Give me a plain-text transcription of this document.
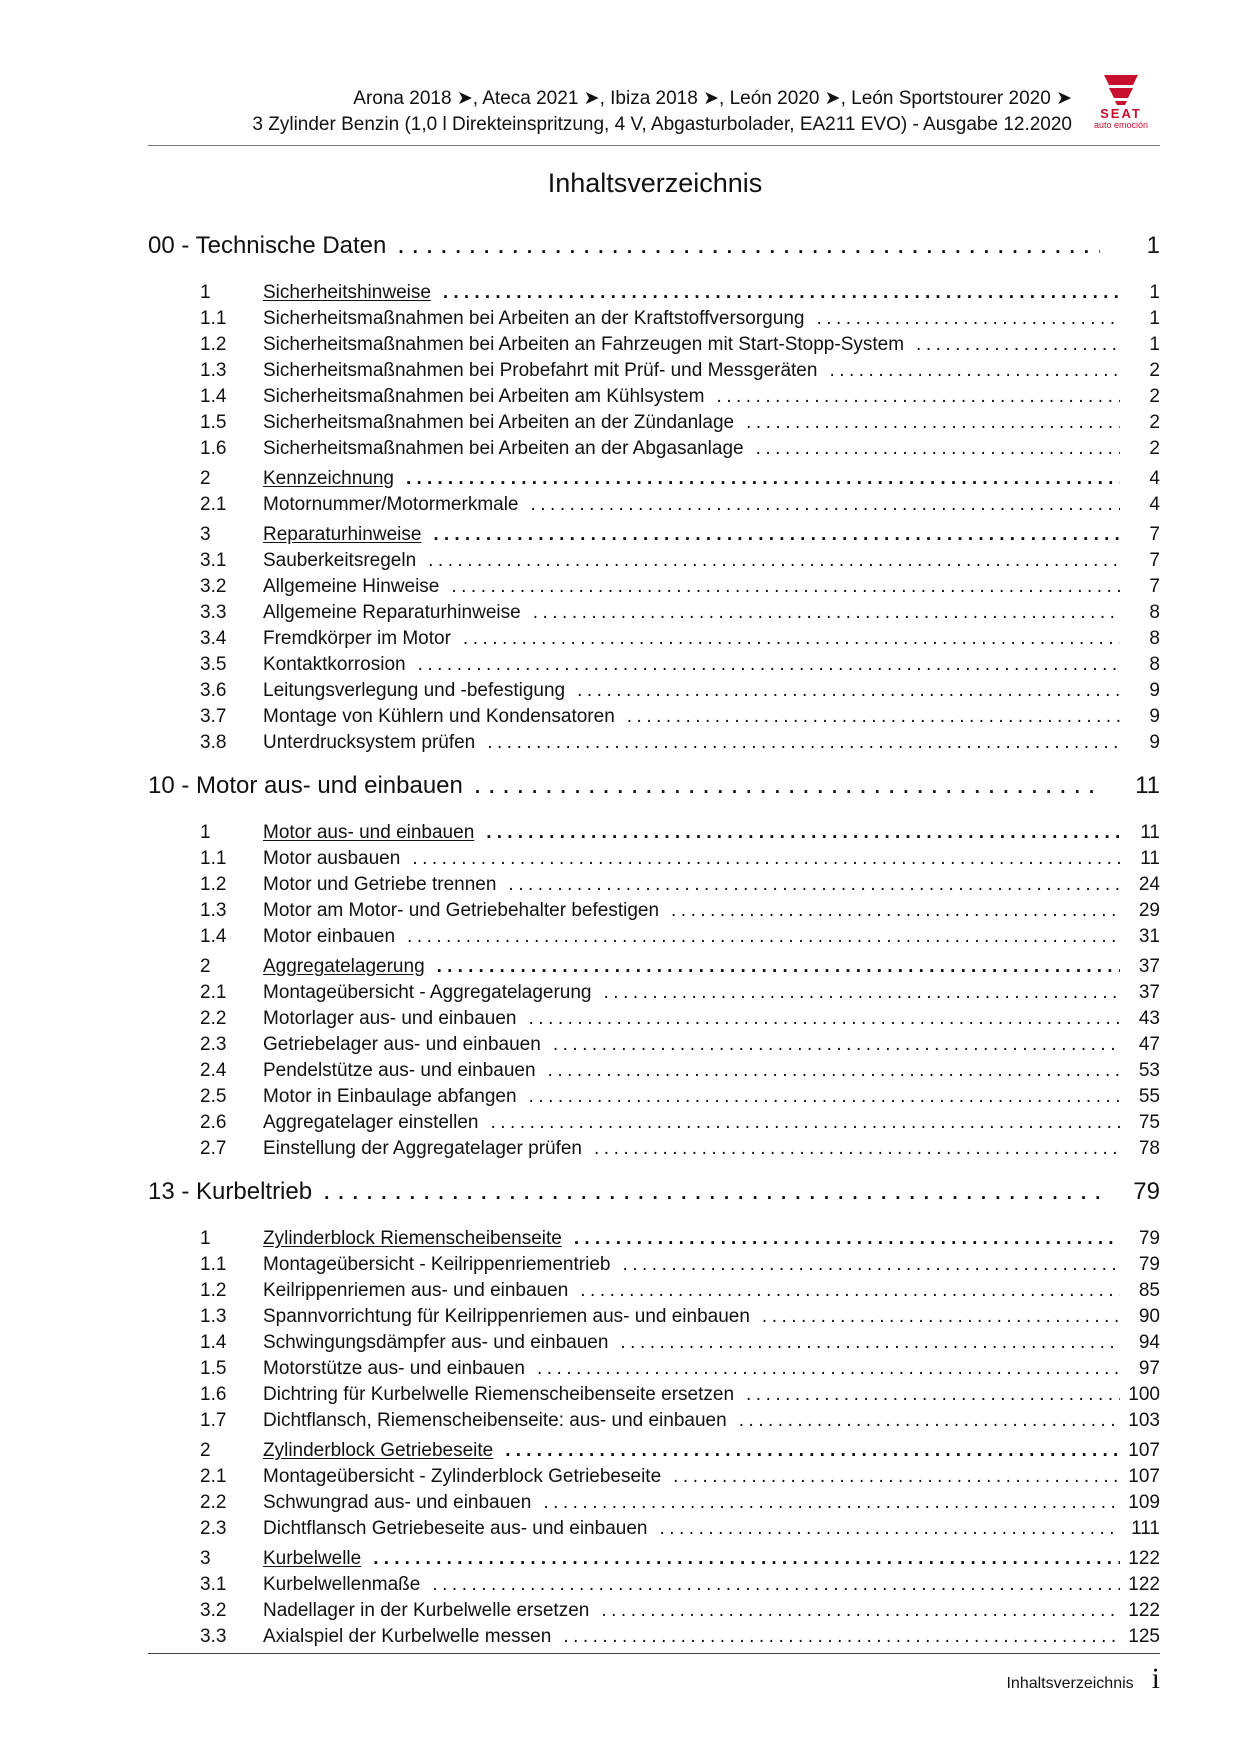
Arona 2018 ➤, Ateca 2021 ➤, Ibiza 2018 ➤, León 2020 ➤, León Sportstourer 2020 ➤
3 Zylinder Benzin (1,0 l Direkteinspritzung, 4 V, Abgasturbolader, EA211 EVO) - Ausgabe 12.2020
SEAT
auto emoción
Inhaltsverzeichnis
00 - Technische Daten .....	1
1	Sicherheitshinweise .....	1
1.1	Sicherheitsmaßnahmen bei Arbeiten an der Kraftstoffversorgung .....	1
1.2	Sicherheitsmaßnahmen bei Arbeiten an Fahrzeugen mit Start-Stopp-System .....	1
1.3	Sicherheitsmaßnahmen bei Probefahrt mit Prüf- und Messgeräten .....	2
1.4	Sicherheitsmaßnahmen bei Arbeiten am Kühlsystem .....	2
1.5	Sicherheitsmaßnahmen bei Arbeiten an der Zündanlage .....	2
1.6	Sicherheitsmaßnahmen bei Arbeiten an der Abgasanlage .....	2
2	Kennzeichnung .....	4
2.1	Motornummer/Motormerkmale .....	4
3	Reparaturhinweise .....	7
3.1	Sauberkeitsregeln .....	7
3.2	Allgemeine Hinweise .....	7
3.3	Allgemeine Reparaturhinweise .....	8
3.4	Fremdkörper im Motor .....	8
3.5	Kontaktkorrosion .....	8
3.6	Leitungsverlegung und -befestigung .....	9
3.7	Montage von Kühlern und Kondensatoren .....	9
3.8	Unterdrucksystem prüfen .....	9
10 - Motor aus- und einbauen .....	11
1	Motor aus- und einbauen .....	11
1.1	Motor ausbauen .....	11
1.2	Motor und Getriebe trennen .....	24
1.3	Motor am Motor- und Getriebehalter befestigen .....	29
1.4	Motor einbauen .....	31
2	Aggregatelagerung .....	37
2.1	Montageübersicht - Aggregatelagerung .....	37
2.2	Motorlager aus- und einbauen .....	43
2.3	Getriebelager aus- und einbauen .....	47
2.4	Pendelstütze aus- und einbauen .....	53
2.5	Motor in Einbaulage abfangen .....	55
2.6	Aggregatelager einstellen .....	75
2.7	Einstellung der Aggregatelager prüfen .....	78
13 - Kurbeltrieb .....	79
1	Zylinderblock Riemenscheibenseite .....	79
1.1	Montageübersicht - Keilrippenriementrieb .....	79
1.2	Keilrippenriemen aus- und einbauen .....	85
1.3	Spannvorrichtung für Keilrippenriemen aus- und einbauen .....	90
1.4	Schwingungsdämpfer aus- und einbauen .....	94
1.5	Motorstütze aus- und einbauen .....	97
1.6	Dichtring für Kurbelwelle Riemenscheibenseite ersetzen .....	100
1.7	Dichtflansch, Riemenscheibenseite: aus- und einbauen .....	103
2	Zylinderblock Getriebeseite .....	107
2.1	Montageübersicht - Zylinderblock Getriebeseite .....	107
2.2	Schwungrad aus- und einbauen .....	109
2.3	Dichtflansch Getriebeseite aus- und einbauen .....	111
3	Kurbelwelle .....	122
3.1	Kurbelwellenmaße .....	122
3.2	Nadellager in der Kurbelwelle ersetzen .....	122
3.3	Axialspiel der Kurbelwelle messen .....	125
Inhaltsverzeichnis i
